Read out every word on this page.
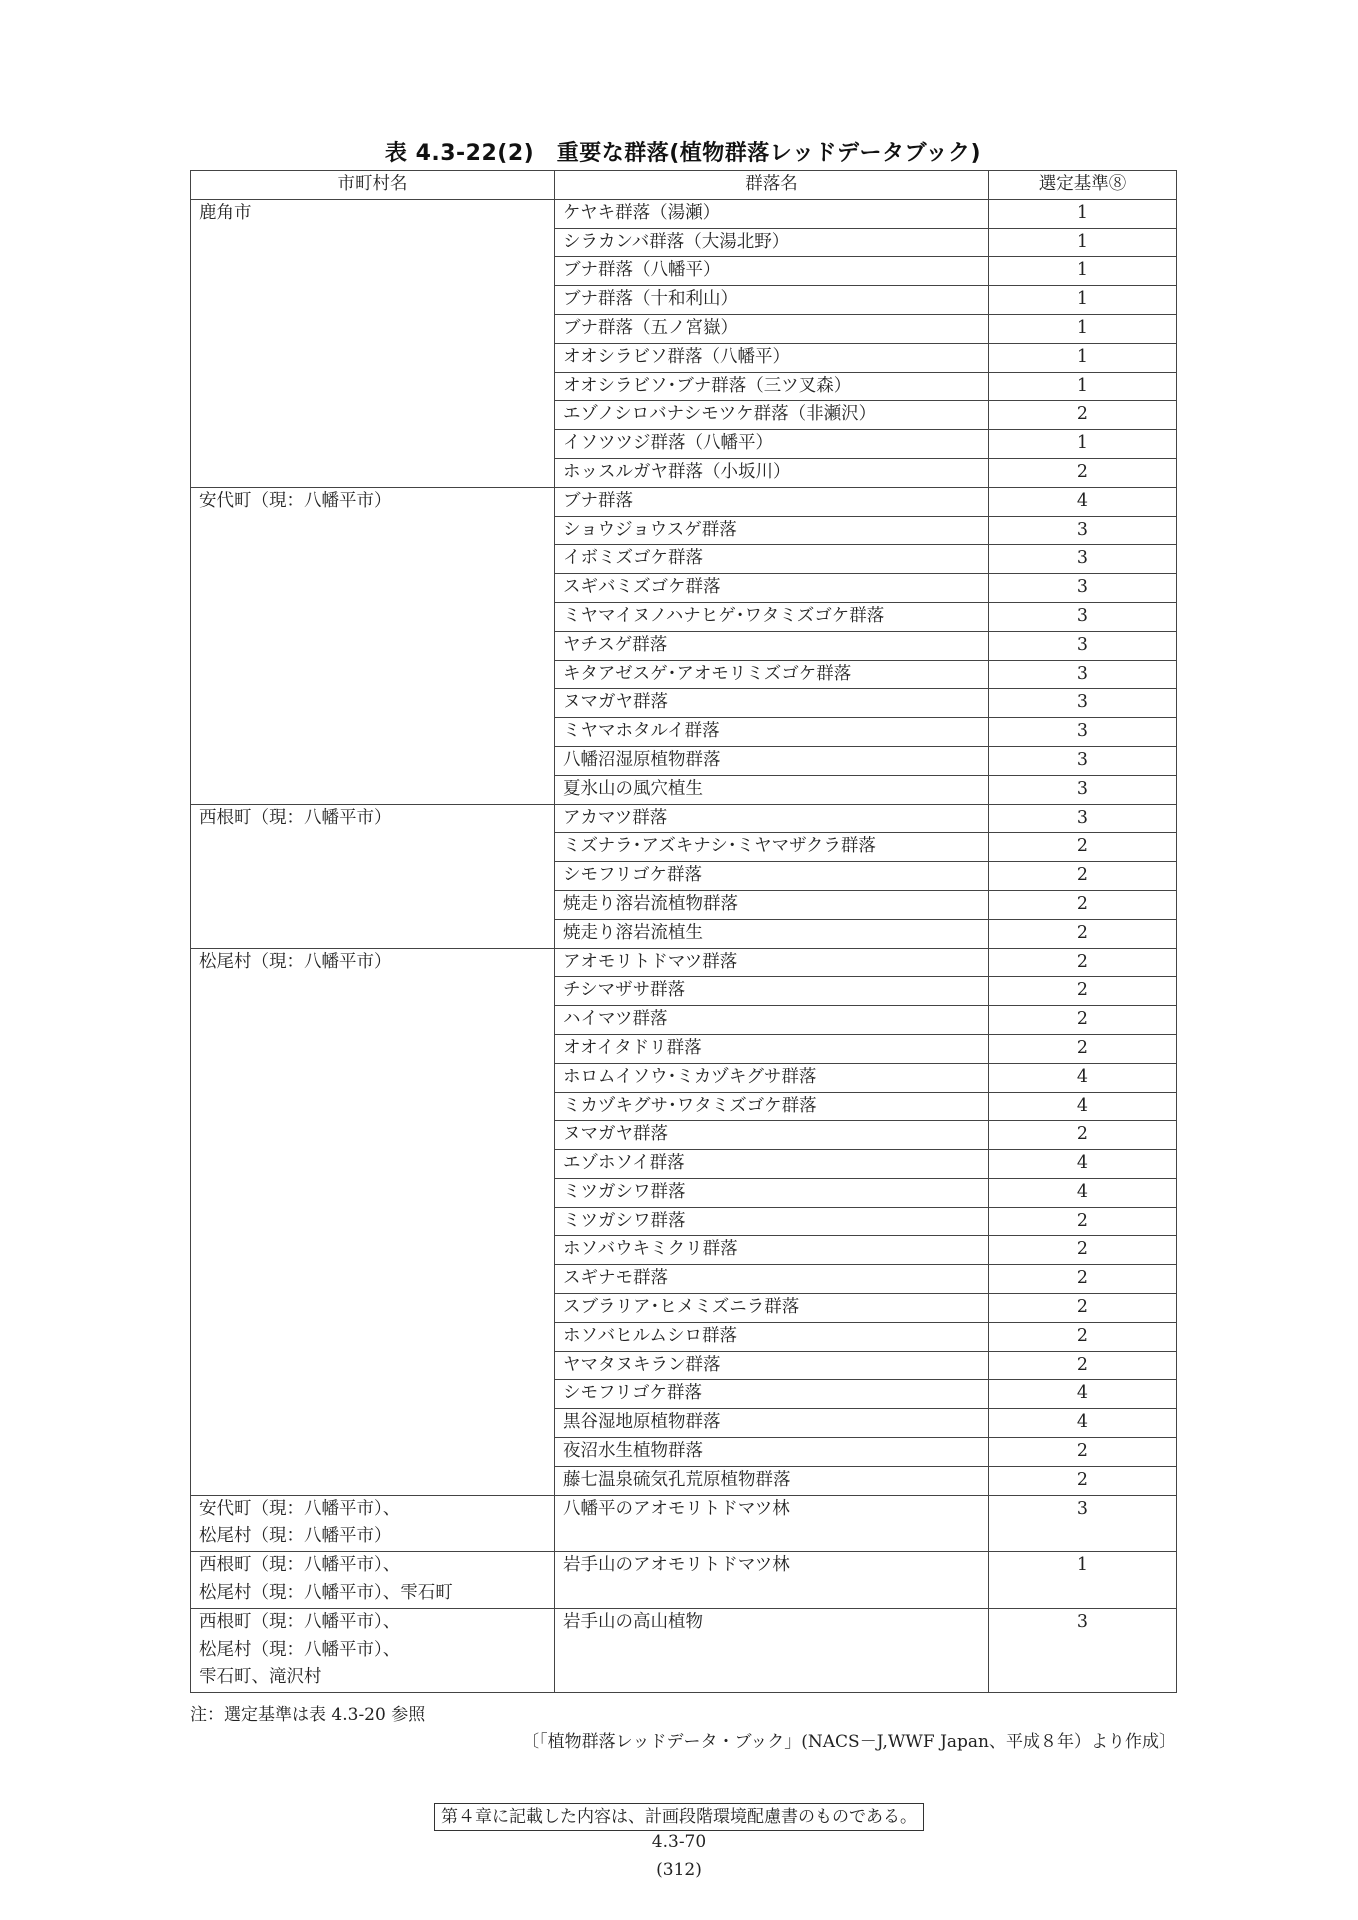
表 4.3-22(2)　重要な群落(植物群落レッドデータブック)
市町村名	群落名	選定基準⑧
鹿角市	ケヤキ群落（湯瀬）	1
	シラカンバ群落（大湯北野）	1
	ブナ群落（八幡平）	1
	ブナ群落（十和利山）	1
	ブナ群落（五ノ宮嶽）	1
	オオシラビソ群落（八幡平）	1
	オオシラビソ･ブナ群落（三ツ叉森）	1
	エゾノシロバナシモツケ群落（非瀬沢）	2
	イソツツジ群落（八幡平）	1
	ホッスルガヤ群落（小坂川）	2
安代町（現：八幡平市）	ブナ群落	4
	ショウジョウスゲ群落	3
	イボミズゴケ群落	3
	スギバミズゴケ群落	3
	ミヤマイヌノハナヒゲ･ワタミズゴケ群落	3
	ヤチスゲ群落	3
	キタアゼスゲ･アオモリミズゴケ群落	3
	ヌマガヤ群落	3
	ミヤマホタルイ群落	3
	八幡沼湿原植物群落	3
	夏氷山の風穴植生	3
西根町（現：八幡平市）	アカマツ群落	3
	ミズナラ･アズキナシ･ミヤマザクラ群落	2
	シモフリゴケ群落	2
	焼走り溶岩流植物群落	2
	焼走り溶岩流植生	2
松尾村（現：八幡平市）	アオモリトドマツ群落	2
	チシマザサ群落	2
	ハイマツ群落	2
	オオイタドリ群落	2
	ホロムイソウ･ミカヅキグサ群落	4
	ミカヅキグサ･ワタミズゴケ群落	4
	ヌマガヤ群落	2
	エゾホソイ群落	4
	ミツガシワ群落	4
	ミツガシワ群落	2
	ホソバウキミクリ群落	2
	スギナモ群落	2
	スブラリア･ヒメミズニラ群落	2
	ホソバヒルムシロ群落	2
	ヤマタヌキラン群落	2
	シモフリゴケ群落	4
	黒谷湿地原植物群落	4
	夜沼水生植物群落	2
	藤七温泉硫気孔荒原植物群落	2

安代町（現：八幡平市）、
松尾村（現：八幡平市）	八幡平のアオモリトドマツ林	3

西根町（現：八幡平市）、
松尾村（現：八幡平市）、雫石町	岩手山のアオモリトドマツ林	1

西根町（現：八幡平市）、
松尾村（現：八幡平市）、
雫石町、滝沢村	岩手山の高山植物	3
注：選定基準は表 4.3-20 参照
〔「植物群落レッドデータ・ブック」(NACS－J,WWF Japan、平成８年）より作成〕
第４章に記載した内容は、計画段階環境配慮書のものである。
4.3-70
(312)
